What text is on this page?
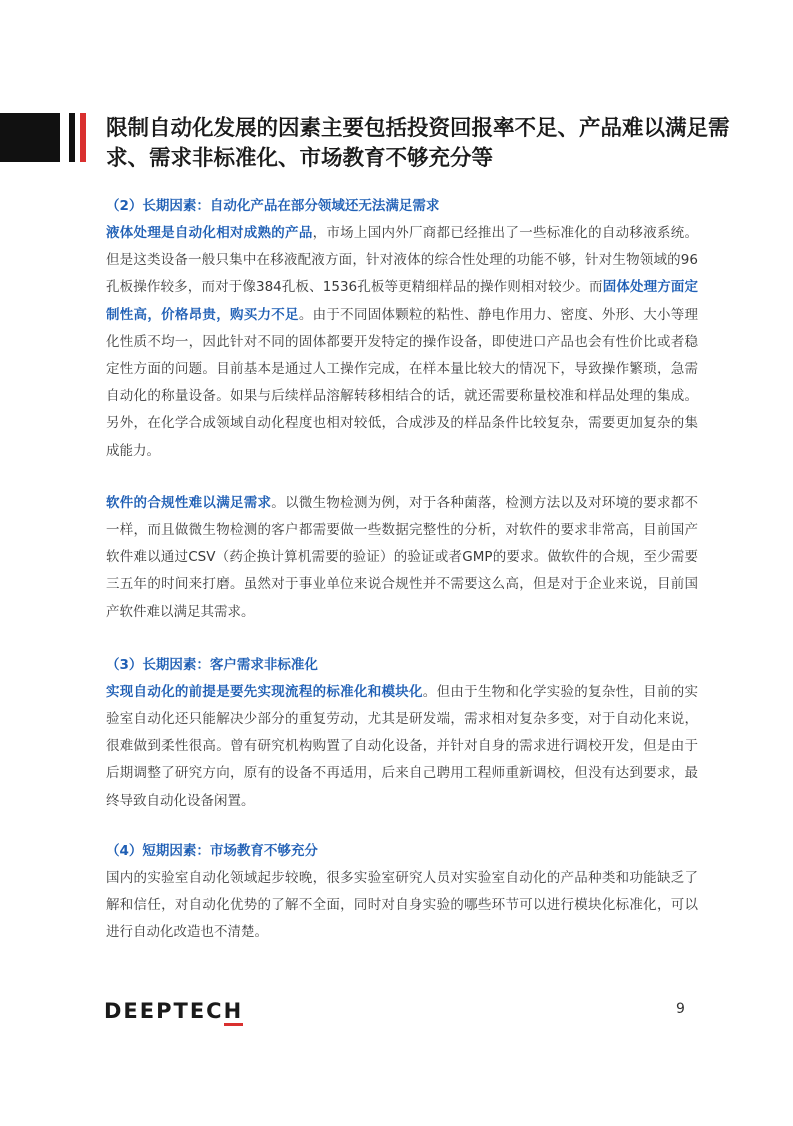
限制自动化发展的因素主要包括投资回报率不足、产品难以满足需求、需求非标准化、市场教育不够充分等
（2）长期因素：自动化产品在部分领域还无法满足需求

液体处理是自动化相对成熟的产品，市场上国内外厂商都已经推出了一些标准化的自动移液系统。但是这类设备一般只集中在移液配液方面，针对液体的综合性处理的功能不够，针对生物领域的96孔板操作较多，而对于像384孔板、1536孔板等更精细样品的操作则相对较少。而固体处理方面定制性高，价格昂贵，购买力不足。由于不同固体颗粒的粘性、静电作用力、密度、外形、大小等理化性质不均一，因此针对不同的固体都要开发特定的操作设备，即使进口产品也会有性价比或者稳定性方面的问题。目前基本是通过人工操作完成，在样本量比较大的情况下，导致操作繁琐，急需自动化的称量设备。如果与后续样品溶解转移相结合的话，就还需要称量校准和样品处理的集成。另外，在化学合成领域自动化程度也相对较低，合成涉及的样品条件比较复杂，需要更加复杂的集成能力。

软件的合规性难以满足需求。以微生物检测为例，对于各种菌落，检测方法以及对环境的要求都不一样，而且做微生物检测的客户都需要做一些数据完整性的分析，对软件的要求非常高，目前国产软件难以通过CSV（药企换计算机需要的验证）的验证或者GMP的要求。做软件的合规，至少需要三五年的时间来打磨。虽然对于事业单位来说合规性并不需要这么高，但是对于企业来说，目前国产软件难以满足其需求。

（3）长期因素：客户需求非标准化

实现自动化的前提是要先实现流程的标准化和模块化。但由于生物和化学实验的复杂性，目前的实验室自动化还只能解决少部分的重复劳动，尤其是研发端，需求相对复杂多变，对于自动化来说，很难做到柔性很高。曾有研究机构购置了自动化设备，并针对自身的需求进行调校开发，但是由于后期调整了研究方向，原有的设备不再适用，后来自己聘用工程师重新调校，但没有达到要求，最终导致自动化设备闲置。

（4）短期因素：市场教育不够充分

国内的实验室自动化领域起步较晚，很多实验室研究人员对实验室自动化的产品种类和功能缺乏了解和信任，对自动化优势的了解不全面，同时对自身实验的哪些环节可以进行模块化标准化，可以进行自动化改造也不清楚。

DEEPTECH	9
